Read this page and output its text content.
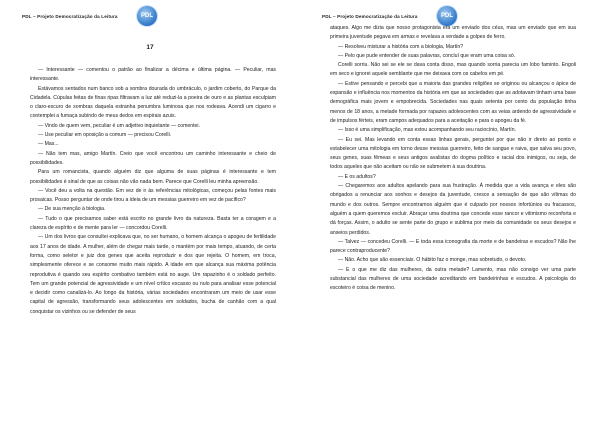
PDL – Projeto Democratização da Leitura	PDL
17

— Interessante — comentou o patrão ao finalizar a décima e última página. — Peculiar, mas interessante.

Estávamos sentados num banco sob a sombra dourada do umbráculo, o jardim coberto, do Parque da Cidadela. Cúpulas feitas de finas ripas filtravam a luz até reduzi-la a poeira de ouro e as plantas esculpiam o claro-escuro de sombras daquela estranha penumbra luminosa que nos rodeava. Acendi um cigarro e contemplei a fumaça subindo de meus dedos em espirais azuis.

— Vindo de quem vem, peculiar é um adjetivo inquietante — comentei.

— Use peculiar em oposição a comum — precisou Corelli.

— Mas...

— Não tem mas, amigo Martín. Creio que você encontrou um caminho interessante e cheio de possibilidades.

Para um romancista, quando alguém diz que alguma de suas páginas é interessante e tem possibilidades é sinal de que as coisas não vão nada bem. Parece que Corelli leu minha apreensão.

— Você deu a volta na questão. Em vez de ir às referências mitológicas, começou pelas fontes mais prosaicas. Posso perguntar de onde tirou a ideia de um messias guerreiro em vez de pacífico?

— De sua menção à biologia.

— Tudo o que precisamos saber está escrito no grande livro da natureza. Basta ter a coragem e a clareza de espírito e de mente para ler — concordou Corelli.

— Um dos livros que consultei explicava que, no ser humano, o homem alcança o apogeu de fertilidade aos 17 anos de idade. A mulher, além de chegar mais tarde, o mantém por mais tempo, atuando, de certa forma, como seletor e juiz dos genes que aceita reproduzir e dos que rejeita. O homem, em troca, simplesmente oferece e se consome muito mais rápido. A idade em que alcança sua máxima potência reprodutiva é quando seu espírito combativo também está no auge. Um rapazinho é o soldado perfeito. Tem um grande potencial de agressividade e um nível crítico escasso ou nulo para analisar esse potencial e decidir como canalizá-lo. Ao longo da história, várias sociedades encontraram um meio de usar esse capital de agressão, transformando seus adolescentes em soldados, bucha de canhão com a qual conquistar os vizinhos ou se defender de seus

PDL – Projeto Democratização da Leitura	PDL

ataques. Algo me dizia que nosso protagonista era um enviado dos céus, mas um enviado que em sua primeira juventude pegava em armas e revelava a verdade a golpes de ferro.

— Resolveu misturar a história com a biologia, Martín?

— Pelo que pude entender de suas palavras, concluí que eram uma coisa só.

Corelli sorriu. Não sei se ele se dava conta disso, mas quando sorria parecia um lobo faminto. Engoli em seco e ignorei aquele semblante que me deixava com os cabelos em pé.

— Estive pensando e percebi que a maioria das grandes religiões se originou ou alcançou o ápice de expansão e influência nos momentos da história em que as sociedades que as adotavam tinham uma base demográfica mais jovem e empobrecida. Sociedades nas quais setenta por cento da população tinha menos de 18 anos, a metade formada por rapazes adolescentes com as veias ardendo de agressividade e de impulsos férteis, eram campos adequados para a aceitação e para o apogeu da fé.

— Isso é uma simplificação, mas estou acompanhando seu raciocínio, Martín.

— Eu sei. Mas levando em conta essas linhas gerais, perguntei por que não ir direto ao ponto e estabelecer uma mitologia em torno desse messias guerreiro, feito de sangue e raiva, que salva seu povo, seus genes, suas fêmeas e seus antigos avalistas do dogma político e racial dos inimigos, ou seja, de todos aqueles que não aceitam ou não se submetem à sua doutrina.

— E os adultos?

— Chegaremos aos adultos apelando para sua frustração. À medida que a vida avança e eles são obrigados a renunciar aos sonhos e desejos da juventude, cresce a sensação de que são vítimas do mundo e dos outros. Sempre encontramos alguém que é culpado por nossos infortúnios ou fracassos, alguém a quem queremos excluir. Abraçar uma doutrina que concede esse rancor e vitimismo reconforta e dá forças. Assim, o adulto se sente parte do grupo e sublima por meio da comunidade os seus desejos e anseios perdidos.

— Talvez — concedeu Corelli. — E toda essa iconografia da morte e de bandeiras e escudos? Não lhe parece contraproducente?

— Não. Acho que são essenciais. O hábito faz o monge, mas sobretudo, o devoto.

— E o que me diz das mulheres, da outra metade? Lamento, mas não consigo ver uma parte substancial das mulheres de uma sociedade acreditando em bandeirinhas e escudos. A psicologia do escoteiro é coisa de menino.
